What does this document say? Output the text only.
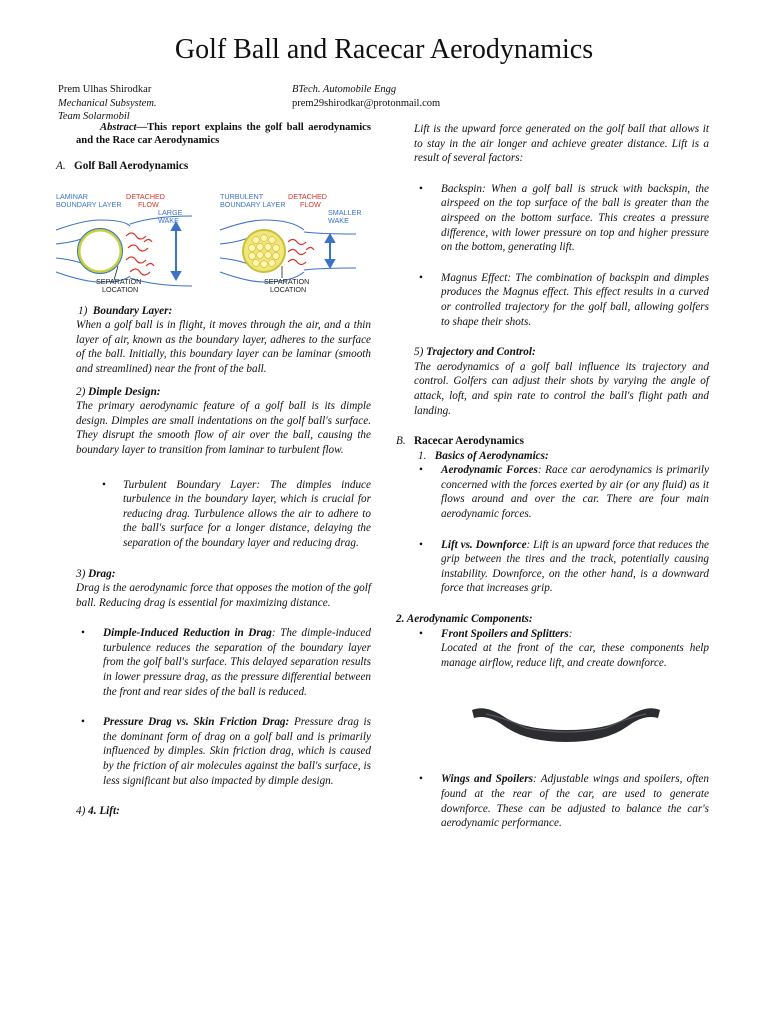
Golf Ball and Racecar Aerodynamics
Prem Ulhas Shirodkar
Mechanical Subsystem.
Team Solarmobil
BTech. Automobile Engg
prem29shirodkar@protonmail.com

Abstract—This report explains the golf ball aerodynamics and the Race car Aerodynamics

A. Golf Ball Aerodynamics
LAMINAR
BOUNDARY LAYER
LARGE
WAKE
DETACHED
FLOW
SEPARATION
LOCATION
TURBULENT
BOUNDARY LAYER
SMALLER
WAKE
DETACHED
FLOW
SEPARATION
LOCATION
1) Boundary Layer:

When a golf ball is in flight, it moves through the air, and a thin layer of air, known as the boundary layer, adheres to the surface of the ball. Initially, this boundary layer can be laminar (smooth and streamlined) near the front of the ball.

2) Dimple Design:

The primary aerodynamic feature of a golf ball is its dimple design. Dimples are small indentations on the golf ball's surface. They disrupt the smooth flow of air over the ball, causing the boundary layer to transition from laminar to turbulent flow.

• Turbulent Boundary Layer: The dimples induce turbulence in the boundary layer, which is crucial for reducing drag. Turbulence allows the air to adhere to the ball's surface for a longer distance, delaying the separation of the boundary layer and reducing drag.
3) Drag:

Drag is the aerodynamic force that opposes the motion of the golf ball. Reducing drag is essential for maximizing distance.

• Dimple-Induced Reduction in Drag: The dimple-induced turbulence reduces the separation of the boundary layer from the golf ball's surface. This delayed separation results in lower pressure drag, as the pressure differential between the front and rear sides of the ball is reduced.
• Pressure Drag vs. Skin Friction Drag: Pressure drag is the dominant form of drag on a golf ball and is primarily influenced by dimples. Skin friction drag, which is caused by the friction of air molecules against the ball's surface, is less significant but also impacted by dimple design.
4) 4. Lift:

Lift is the upward force generated on the golf ball that allows it to stay in the air longer and achieve greater distance. Lift is a result of several factors:

• Backspin: When a golf ball is struck with backspin, the airspeed on the top surface of the ball is greater than the airspeed on the bottom surface. This creates a pressure difference, with lower pressure on top and higher pressure on the bottom, generating lift.
• Magnus Effect: The combination of backspin and dimples produces the Magnus effect. This effect results in a curved or controlled trajectory for the golf ball, allowing golfers to shape their shots.
5) Trajectory and Control:

The aerodynamics of a golf ball influence its trajectory and control. Golfers can adjust their shots by varying the angle of attack, loft, and spin rate to control the ball's flight path and landing.

B. Racecar Aerodynamics
1. Basics of Aerodynamics:
• Aerodynamic Forces: Race car aerodynamics is primarily concerned with the forces exerted by air (or any fluid) as it flows around and over the car. There are four main aerodynamic forces.
• Lift vs. Downforce: Lift is an upward force that reduces the grip between the tires and the track, potentially causing instability. Downforce, on the other hand, is a downward force that increases grip.
2. Aerodynamic Components:
• Front Spoilers and Splitters:
Located at the front of the car, these components help manage airflow, reduce lift, and create downforce.
• Wings and Spoilers: Adjustable wings and spoilers, often found at the rear of the car, are used to generate downforce. These can be adjusted to balance the car's aerodynamic performance.
